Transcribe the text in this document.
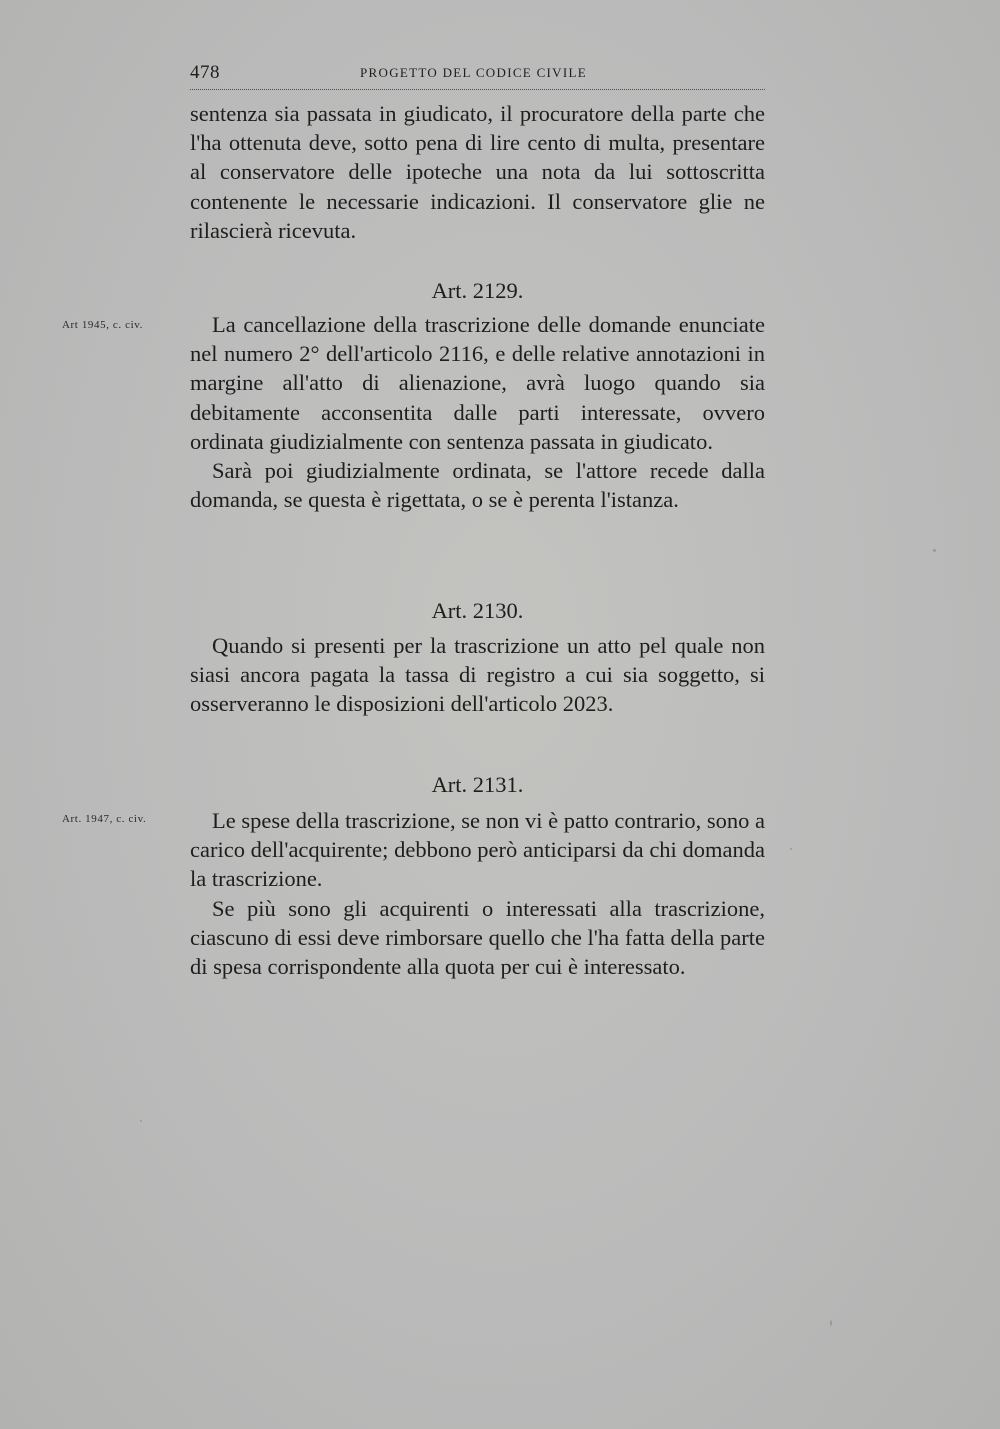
478	PROGETTO DEL CODICE CIVILE

sentenza sia passata in giudicato, il procuratore della parte che l'ha ottenuta deve, sotto pena di lire cento di multa, presentare al conservatore delle ipoteche una nota da lui sottoscritta contenente le necessarie indicazioni. Il conservatore glie ne rilascierà ricevuta.

Art. 2129.
Art 1945, c. civ.	La cancellazione della trascrizione delle domande enunciate nel numero 2° dell'articolo 2116, e delle relative annotazioni in margine all'atto di alienazione, avrà luogo quando sia debitamente acconsentita dalle parti interessate, ovvero ordinata giudizialmente con sentenza passata in giudicato.

Sarà poi giudizialmente ordinata, se l'attore recede dalla domanda, se questa è rigettata, o se è perenta l'istanza.

Art. 2130.

Quando si presenti per la trascrizione un atto pel quale non siasi ancora pagata la tassa di registro a cui sia soggetto, si osserveranno le disposizioni dell'articolo 2023.

Art. 2131.
Art. 1947, c. civ.	Le spese della trascrizione, se non vi è patto contrario, sono a carico dell'acquirente; debbono però anticiparsi da chi domanda la trascrizione.

Se più sono gli acquirenti o interessati alla trascrizione, ciascuno di essi deve rimborsare quello che l'ha fatta della parte di spesa corrispondente alla quota per cui è interessato.
